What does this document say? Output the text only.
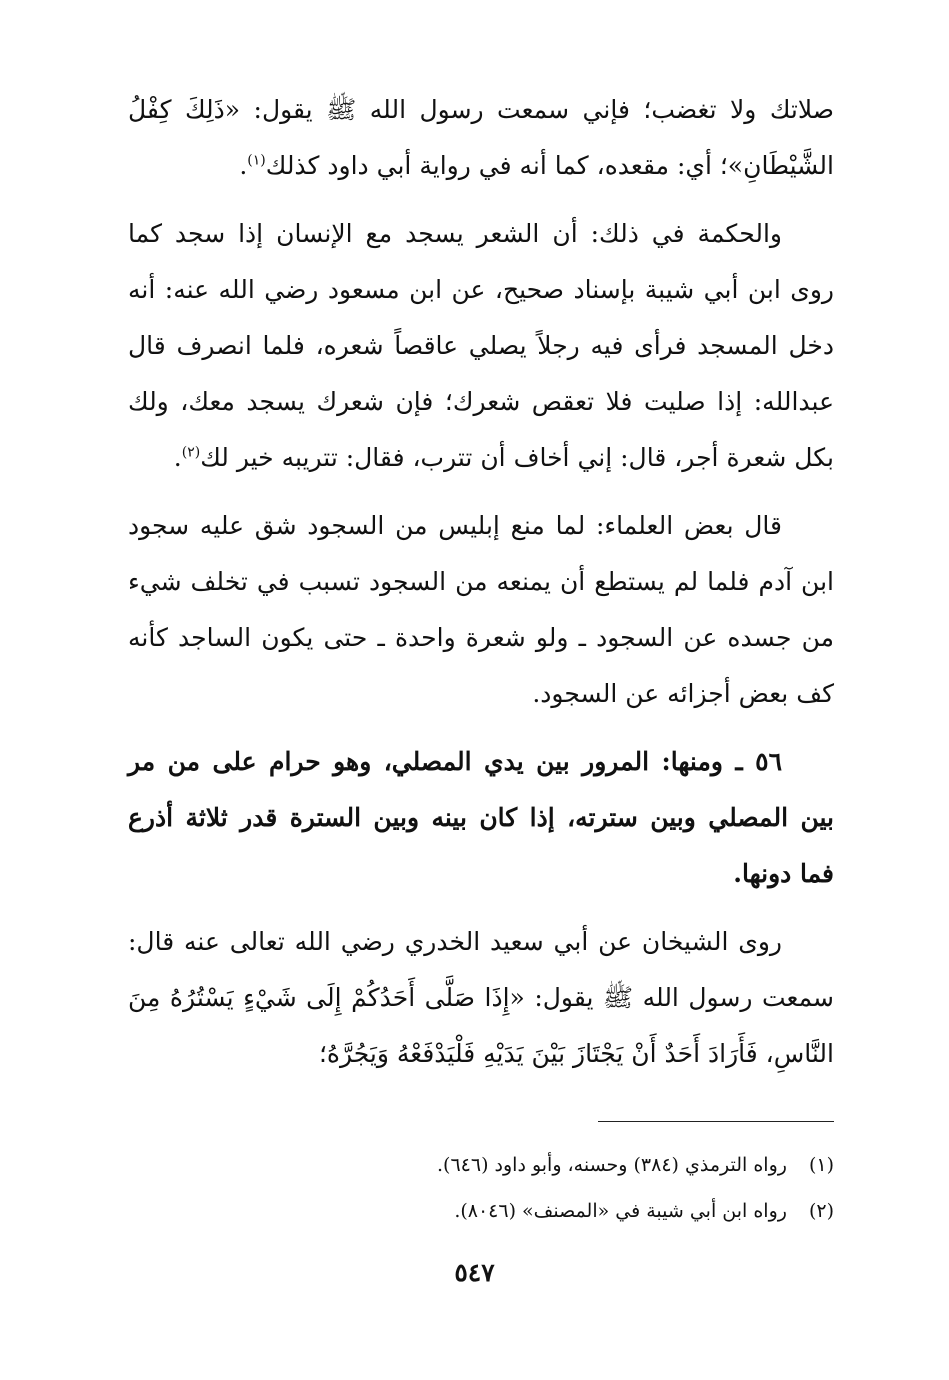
صلاتك ولا تغضب؛ فإني سمعت رسول الله ﷺ يقول: «ذَلِكَ كِفْلُ الشَّيْطَانِ»؛ أي: مقعده، كما أنه في رواية أبي داود كذلك$^{(١)}$.

والحكمة في ذلك: أن الشعر يسجد مع الإنسان إذا سجد كما روى ابن أبي شيبة بإسناد صحيح، عن ابن مسعود رضي الله عنه: أنه دخل المسجد فرأى فيه رجلاً يصلي عاقصاً شعره، فلما انصرف قال عبدالله: إذا صليت فلا تعقص شعرك؛ فإن شعرك يسجد معك، ولك بكل شعرة أجر، قال: إني أخاف أن تترب، فقال: تتريبه خير لك$^{(٢)}$.

قال بعض العلماء: لما منع إبليس من السجود شق عليه سجود ابن آدم فلما لم يستطع أن يمنعه من السجود تسبب في تخلف شيء من جسده عن السجود ـ ولو شعرة واحدة ـ حتى يكون الساجد كأنه كف بعض أجزائه عن السجود.

٥٦ ـ ومنها: المرور بين يدي المصلي، وهو حرام على من مر بين المصلي وبين سترته، إذا كان بينه وبين السترة قدر ثلاثة أذرع فما دونها.

روى الشيخان عن أبي سعيد الخدري رضي الله تعالى عنه قال: سمعت رسول الله ﷺ يقول: «إِذَا صَلَّى أَحَدُكُمْ إِلَى شَيْءٍ يَسْتُرُهُ مِنَ النَّاسِ، فَأَرَادَ أَحَدٌ أَنْ يَجْتَازَ بَيْنَ يَدَيْهِ فَلْيَدْفَعْهُ وَيَجُرَّهُ؛

(١)رواه الترمذي (٣٨٤) وحسنه، وأبو داود (٦٤٦).

(٢)رواه ابن أبي شيبة في «المصنف» (٨٠٤٦).

٥٤٧
